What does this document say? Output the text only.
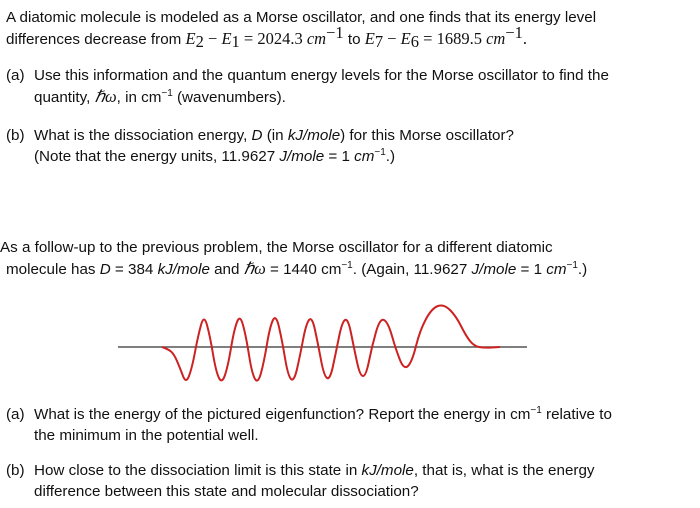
A diatomic molecule is modeled as a Morse oscillator, and one finds that its energy level
differences decrease from $E_2 - E_1 = 2024.3$ $cm^{-1}$ to $E_7 - E_6 = 1689.5$ $cm^{-1}$.
(a) Use this information and the quantum energy levels for the Morse oscillator to find the
quantity, ℏω, in $cm^{-1}$ (wavenumbers).
(b) What is the dissociation energy, D (in kJ/mole) for this Morse oscillator?
(Note that the energy units, 11.9627 J/mole = 1 $cm^{-1}$.)
As a follow-up to the previous problem, the Morse oscillator for a different diatomic
molecule has D = 384 kJ/mole and ℏω = 1440 $cm^{-1}$. (Again, 11.9627 J/mole = 1 $cm^{-1}$.)
(a) What is the energy of the pictured eigenfunction? Report the energy in $cm^{-1}$ relative to
the minimum in the potential well.
(b) How close to the dissociation limit is this state in kJ/mole, that is, what is the energy
difference between this state and molecular dissociation?
